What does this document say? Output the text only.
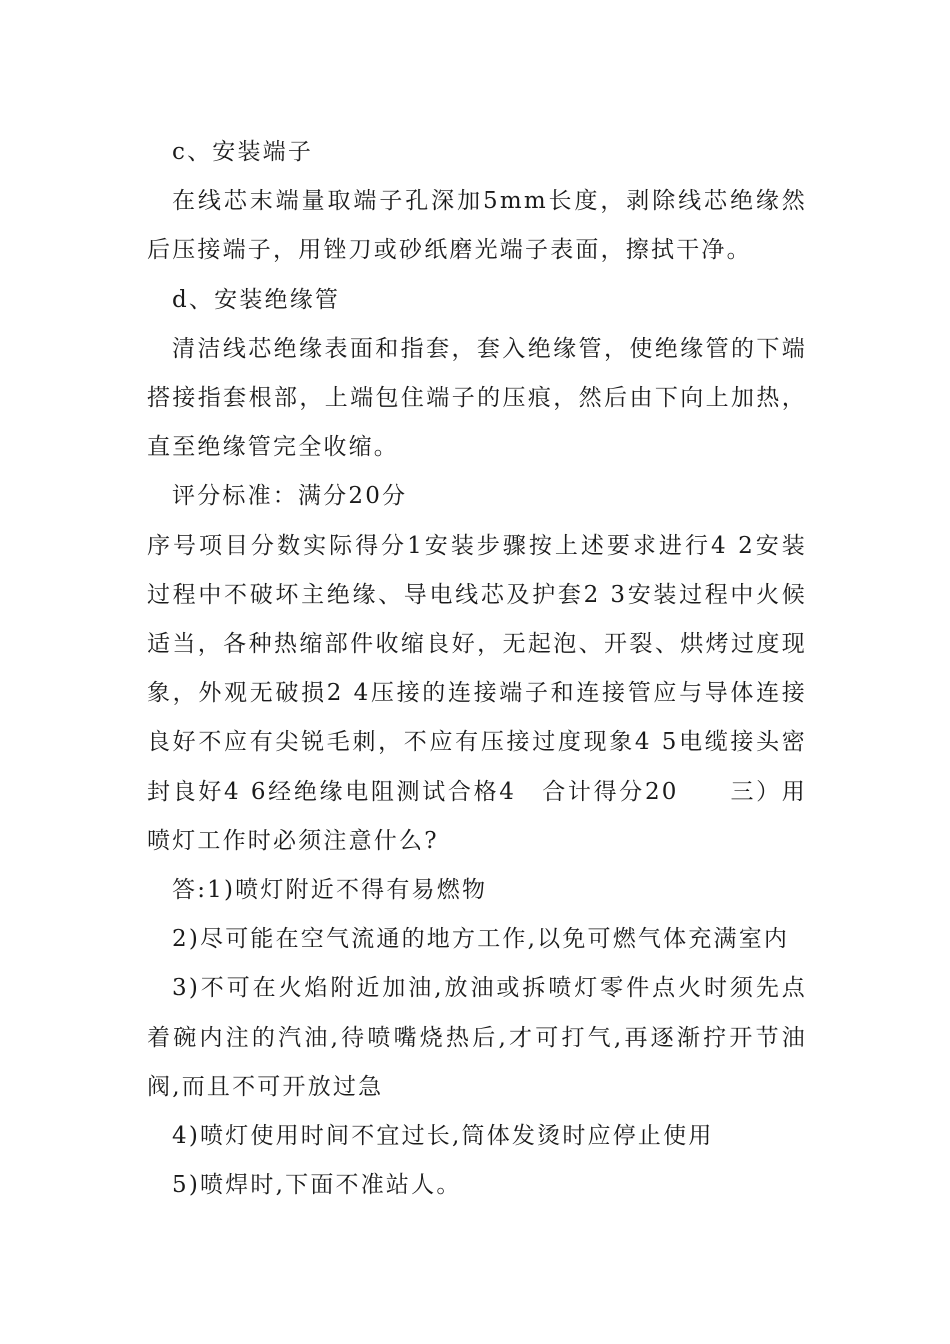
c、安装端子

在线芯末端量取端子孔深加5mm长度，剥除线芯绝缘然后压接端子，用锉刀或砂纸磨光端子表面，擦拭干净。

d、安装绝缘管

清洁线芯绝缘表面和指套，套入绝缘管，使绝缘管的下端搭接指套根部，上端包住端子的压痕，然后由下向上加热，直至绝缘管完全收缩。

评分标准：满分20分

序号项目分数实际得分1安装步骤按上述要求进行4 2安装过程中不破坏主绝缘、导电线芯及护套2 3安装过程中火候适当，各种热缩部件收缩良好，无起泡、开裂、烘烤过度现象，外观无破损2 4压接的连接端子和连接管应与导体连接良好不应有尖锐毛刺，不应有压接过度现象4 5电缆接头密封良好4 6经绝缘电阻测试合格4　合计得分20　　三）用喷灯工作时必须注意什么?

答:1)喷灯附近不得有易燃物

2)尽可能在空气流通的地方工作,以免可燃气体充满室内

3)不可在火焰附近加油,放油或拆喷灯零件点火时须先点着碗内注的汽油,待喷嘴烧热后,才可打气,再逐渐拧开节油阀,而且不可开放过急

4)喷灯使用时间不宜过长,筒体发烫时应停止使用

5)喷焊时,下面不准站人。
